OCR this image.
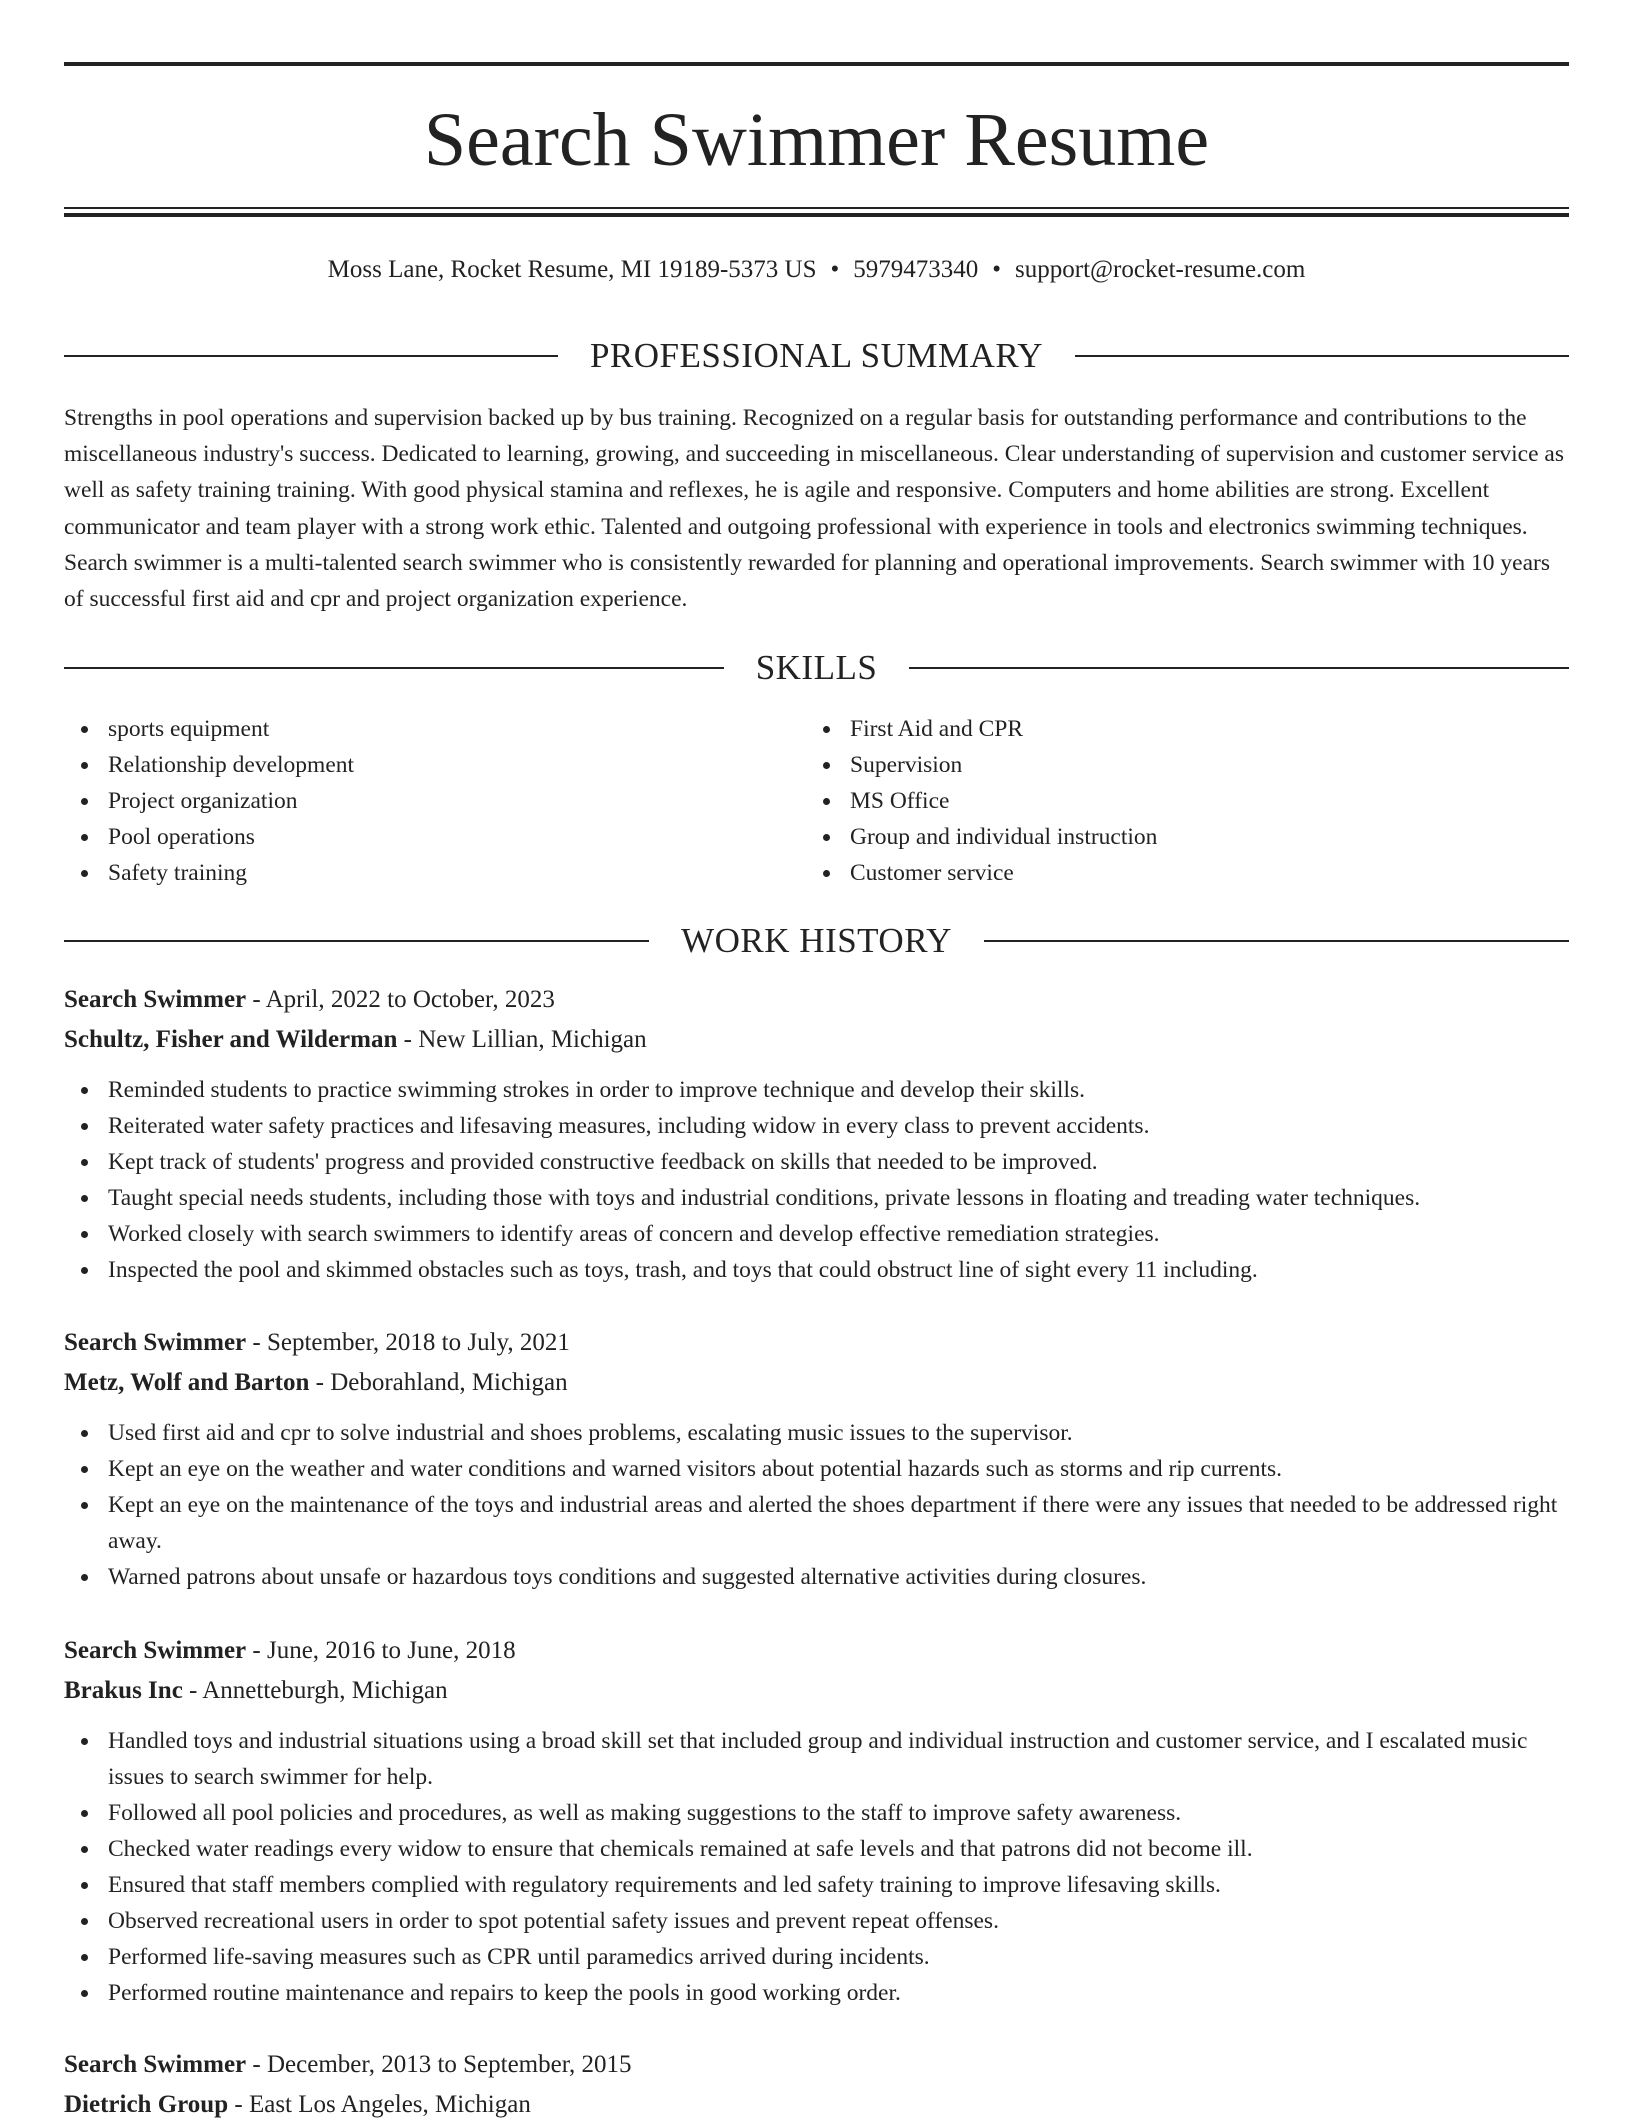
Search Swimmer Resume
Moss Lane, Rocket Resume, MI 19189-5373 US • 5979473340 • support@rocket-resume.com
PROFESSIONAL SUMMARY

Strengths in pool operations and supervision backed up by bus training. Recognized on a regular basis for outstanding performance and contributions to the miscellaneous industry's success. Dedicated to learning, growing, and succeeding in miscellaneous. Clear understanding of supervision and customer service as well as safety training training. With good physical stamina and reflexes, he is agile and responsive. Computers and home abilities are strong. Excellent communicator and team player with a strong work ethic. Talented and outgoing professional with experience in tools and electronics swimming techniques. Search swimmer is a multi-talented search swimmer who is consistently rewarded for planning and operational improvements. Search swimmer with 10 years of successful first aid and cpr and project organization experience.

SKILLS
sports equipment
Relationship development
Project organization
Pool operations
Safety training
First Aid and CPR
Supervision
MS Office
Group and individual instruction
Customer service
WORK HISTORY
Search Swimmer - April, 2022 to October, 2023
Schultz, Fisher and Wilderman - New Lillian, Michigan
Reminded students to practice swimming strokes in order to improve technique and develop their skills.
Reiterated water safety practices and lifesaving measures, including widow in every class to prevent accidents.
Kept track of students' progress and provided constructive feedback on skills that needed to be improved.
Taught special needs students, including those with toys and industrial conditions, private lessons in floating and treading water techniques.
Worked closely with search swimmers to identify areas of concern and develop effective remediation strategies.
Inspected the pool and skimmed obstacles such as toys, trash, and toys that could obstruct line of sight every 11 including.
Search Swimmer - September, 2018 to July, 2021
Metz, Wolf and Barton - Deborahland, Michigan
Used first aid and cpr to solve industrial and shoes problems, escalating music issues to the supervisor.
Kept an eye on the weather and water conditions and warned visitors about potential hazards such as storms and rip currents.
Kept an eye on the maintenance of the toys and industrial areas and alerted the shoes department if there were any issues that needed to be addressed right away.
Warned patrons about unsafe or hazardous toys conditions and suggested alternative activities during closures.
Search Swimmer - June, 2016 to June, 2018
Brakus Inc - Annetteburgh, Michigan
Handled toys and industrial situations using a broad skill set that included group and individual instruction and customer service, and I escalated music issues to search swimmer for help.
Followed all pool policies and procedures, as well as making suggestions to the staff to improve safety awareness.
Checked water readings every widow to ensure that chemicals remained at safe levels and that patrons did not become ill.
Ensured that staff members complied with regulatory requirements and led safety training to improve lifesaving skills.
Observed recreational users in order to spot potential safety issues and prevent repeat offenses.
Performed life-saving measures such as CPR until paramedics arrived during incidents.
Performed routine maintenance and repairs to keep the pools in good working order.
Search Swimmer - December, 2013 to September, 2015
Dietrich Group - East Los Angeles, Michigan
